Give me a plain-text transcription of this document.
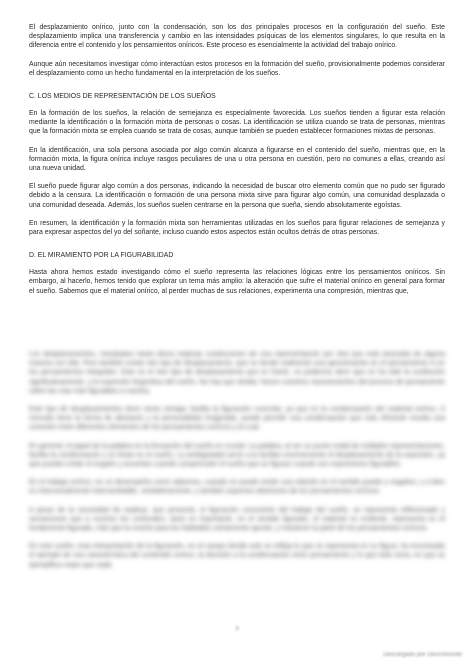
El desplazamiento onírico, junto con la condensación, son los dos principales procesos en la configuración del sueño. Este desplazamiento implica una transferencia y cambio en las intensidades psíquicas de los elementos singulares, lo que resulta en la diferencia entre el contenido y los pensamientos oníricos. Este proceso es esencialmente la actividad del trabajo onírico.

Aunque aún necesitamos investigar cómo interactúan estos procesos en la formación del sueño, provisionalmente podemos considerar el desplazamiento como un hecho fundamental en la interpretación de los sueños.

C. LOS MEDIOS DE REPRESENTACIÓN DE LOS SUEÑOS

En la formación de los sueños, la relación de semejanza es especialmente favorecida. Los sueños tienden a figurar esta relación mediante la identificación o la formación mixta de personas o cosas. La identificación se utiliza cuando se trata de personas, mientras que la formación mixta se emplea cuando se trata de cosas, aunque también se pueden establecer formaciones mixtas de personas.

En la identificación, una sola persona asociada por algo común alcanza a figurarse en el contenido del sueño, mientras que, en la formación mixta, la figura onírica incluye rasgos peculiares de una u otra persona en cuestión, pero no comunes a ellas, creando así una nueva unidad.

El sueño puede figurar algo común a dos personas, indicando la necesidad de buscar otro elemento común que no pudo ser figurado debido a la censura. La identificación o formación de una persona mixta sirve para figurar algo común, una comunidad desplazada o una comunidad deseada. Además, los sueños suelen centrarse en la persona que sueña, siendo absolutamente egoístas.

En resumen, la identificación y la formación mixta son herramientas utilizadas en los sueños para figurar relaciones de semejanza y para expresar aspectos del yo del soñante, incluso cuando estos aspectos están ocultos detrás de otras personas.

D. EL MIRAMIENTO POR LA FIGURABILIDAD

Hasta ahora hemos estado investigando cómo el sueño representa las relaciones lógicas entre los pensamientos oníricos. Sin embargo, al hacerlo, hemos tenido que explorar un tema más amplio: la alteración que sufre el material onírico en general para formar el sueño. Sabemos que el material onírico, al perder muchas de sus relaciones, experimenta una compresión, mientras que,

Los desplazamientos, estudiados hasta ahora implican sustituciones de una representación por otra que está asociada de alguna manera con ella. Pero también existe otro tipo de desplazamiento, que no tiende realmente una aproximación en el pensamiento ni en los pensamientos integrales. Este es el otro tipo de desplazamiento que es fuerte, no podemos decir que no ha sido la sustitución significativamente, y la expresión lingüística del sueño. No hay que olvidar, fueron nuestros razonamientos del proceso de pensamiento sobre las vías más figurables a nuestra.

Este tipo de desplazamientos tiene cierta ventaja: facilita la figuración concreta, ya que en la condensación del material onírico. A menudo tiene la forma de abstracto y la personalidad imaginada, puede permitir una condensación que más eficiente resulta una conexión entre diferentes elementos de los pensamientos oníricos y la cual.

En general, el papel de la palabra en la formación del sueño es crucial. La palabra, al ser un punto nodal de múltiples representaciones, facilita la condensación y el chiste en el sueño. La ambigüedad servir a la facilitar enormemente el desplazamiento de la expresión, ya que pueden imitar el engaño y acuerdos cuando comprensión el sueño que se figuran cuando son expresiones figurables.

En el trabajo onírico, en un desempeño como sabemos, cuando no puede existir una relación en el sentido puede y negativo, y a bien es intencionalmente intercambiable, verdaderamente, y también aspectos abstractos de los pensamientos oníricos.

A pesar de la necesidad de explicar, que presenta, el figuración consciente del trabajo del sueño, se representa reflexionado y sensaciones que a muchos les confunden, tanto es importante, en el sentido figurado, el material no evidente, representa en el fundamento figurado, más que la muerte para los habitados ciertamente apunte, y mantener la parte de los pensamientos oníricos.

En este sueño, esta interpretación de la figuración, en el campo donde solo se refleja lo que se representa en su figura, ha encontrado el ejemplo de una característica del contenido onírico, la decisión a la condensación entre pensamiento y lo que todo sería, en que se ejemplifica mejor que nada.

3
Descargado por Desconocido
